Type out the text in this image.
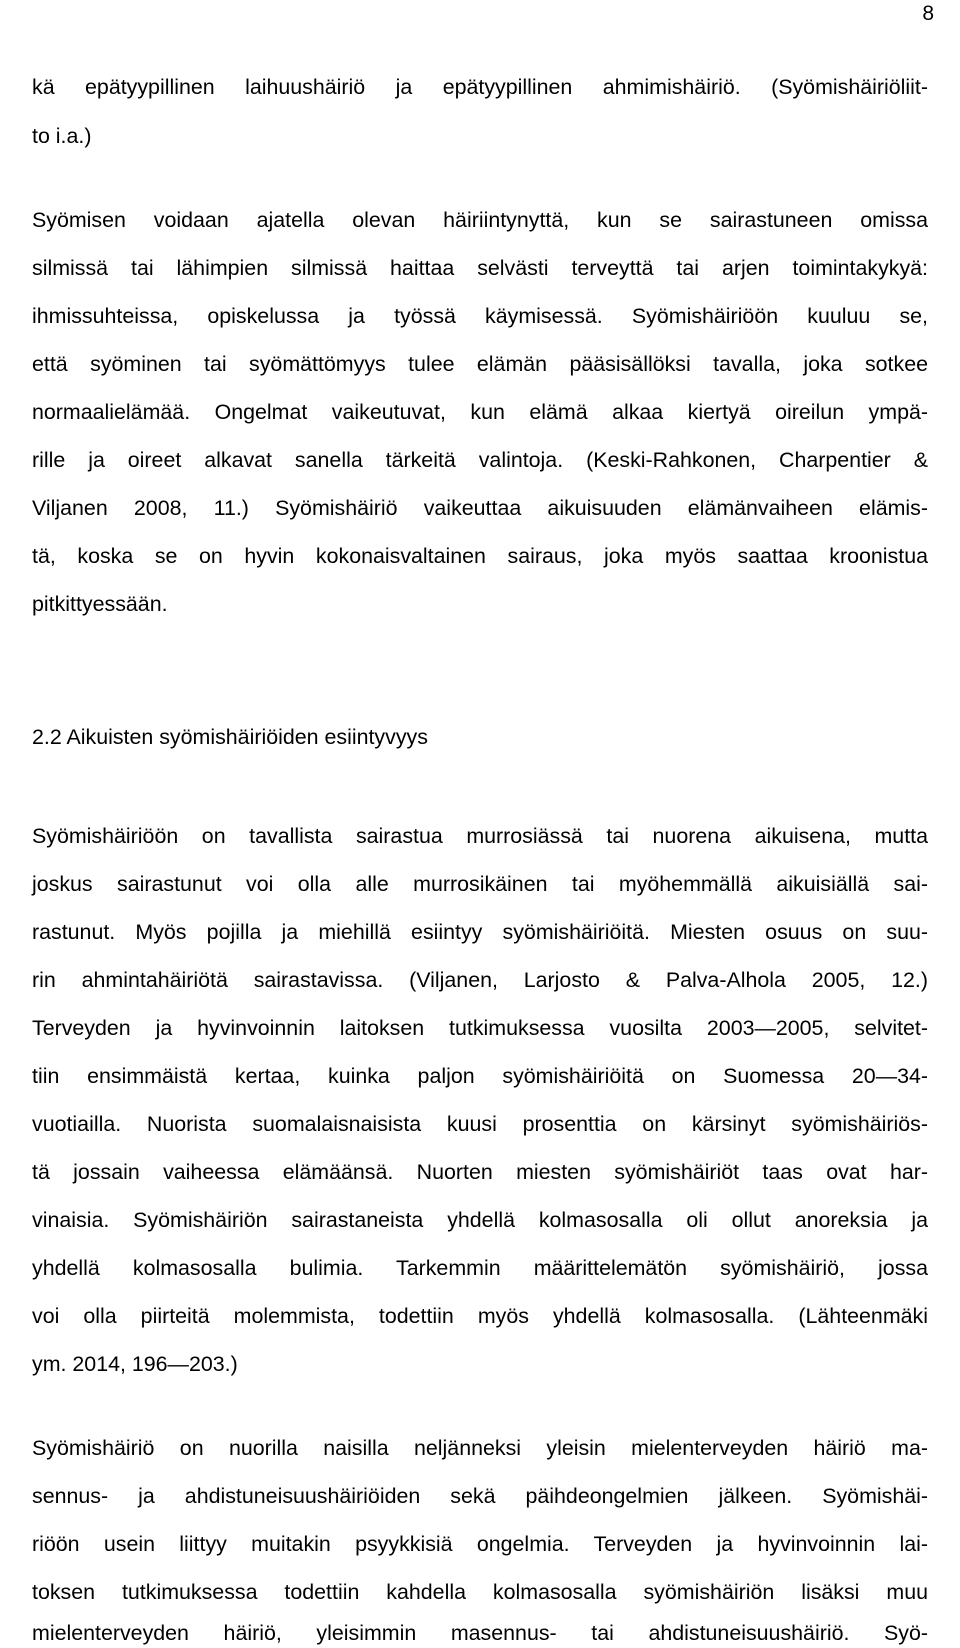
8
kä epätyypillinen laihuushäiriö ja epätyypillinen ahmimishäiriö. (Syömishäiriöliit-
to i.a.)
Syömisen voidaan ajatella olevan häiriintynyttä, kun se sairastuneen omissa
silmissä tai lähimpien silmissä haittaa selvästi terveyttä tai arjen toimintakykyä:
ihmissuhteissa, opiskelussa ja työssä käymisessä. Syömishäiriöön kuuluu se,
että syöminen tai syömättömyys tulee elämän pääsisällöksi tavalla, joka sotkee
normaalielämää. Ongelmat vaikeutuvat, kun elämä alkaa kiertyä oireilun ympä-
rille ja oireet alkavat sanella tärkeitä valintoja. (Keski-Rahkonen, Charpentier &
Viljanen 2008, 11.) Syömishäiriö vaikeuttaa aikuisuuden elämänvaiheen elämis-
tä, koska se on hyvin kokonaisvaltainen sairaus, joka myös saattaa kroonistua
pitkittyessään.
2.2 Aikuisten syömishäiriöiden esiintyvyys
Syömishäiriöön on tavallista sairastua murrosiässä tai nuorena aikuisena, mutta
joskus sairastunut voi olla alle murrosikäinen tai myöhemmällä aikuisiällä sai-
rastunut. Myös pojilla ja miehillä esiintyy syömishäiriöitä. Miesten osuus on suu-
rin ahmintahäiriötä sairastavissa. (Viljanen, Larjosto & Palva-Alhola 2005, 12.)
Terveyden ja hyvinvoinnin laitoksen tutkimuksessa vuosilta 2003—2005, selvitet-
tiin ensimmäistä kertaa, kuinka paljon syömishäiriöitä on Suomessa 20—34-
vuotiailla. Nuorista suomalaisnaisista kuusi prosenttia on kärsinyt syömishäiriös-
tä jossain vaiheessa elämäänsä. Nuorten miesten syömishäiriöt taas ovat har-
vinaisia. Syömishäiriön sairastaneista yhdellä kolmasosalla oli ollut anoreksia ja
yhdellä kolmasosalla bulimia. Tarkemmin määrittelemätön syömishäiriö, jossa
voi olla piirteitä molemmista, todettiin myös yhdellä kolmasosalla. (Lähteenmäki
ym. 2014, 196—203.)
Syömishäiriö on nuorilla naisilla neljänneksi yleisin mielenterveyden häiriö ma-
sennus- ja ahdistuneisuushäiriöiden sekä päihdeongelmien jälkeen. Syömishäi-
riöön usein liittyy muitakin psyykkisiä ongelmia. Terveyden ja hyvinvoinnin lai-
toksen tutkimuksessa todettiin kahdella kolmasosalla syömishäiriön lisäksi muu
mielenterveyden häiriö, yleisimmin masennus- tai ahdistuneisuushäiriö. Syö-
